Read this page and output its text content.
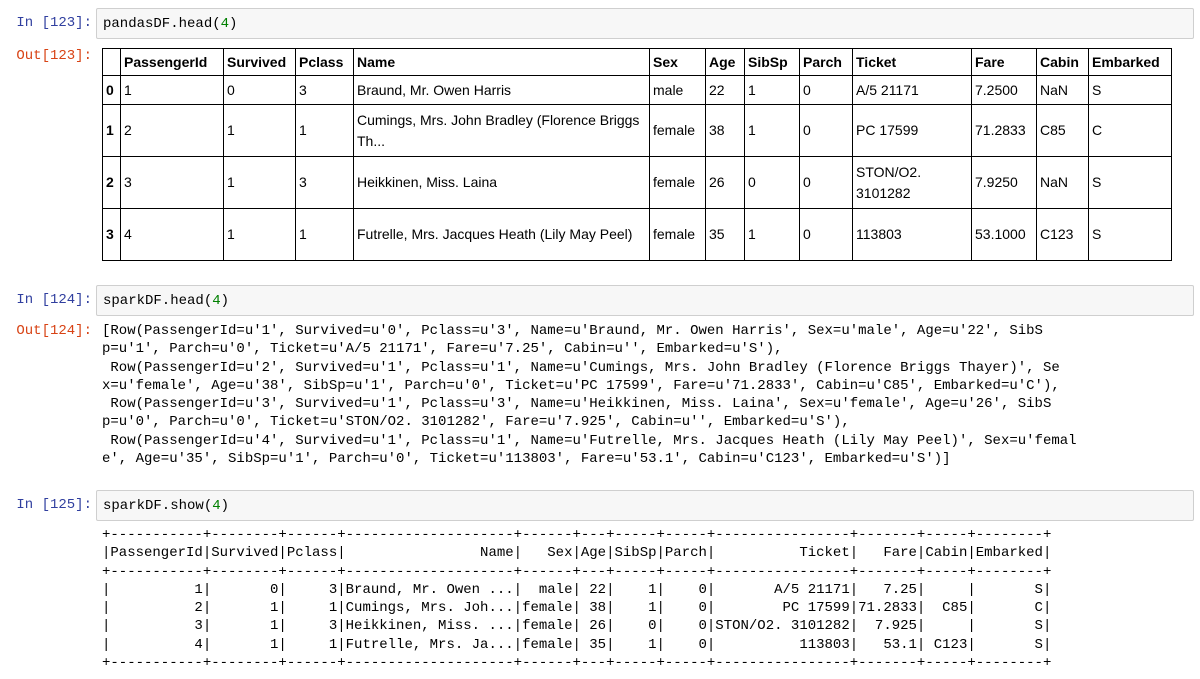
In [123]: pandasDF.head( 4 )
Out[123]:
	PassengerId	Survived	Pclass	Name	Sex	Age	SibSp	Parch	Ticket	Fare	Cabin	Embarked
0	1	0	3	Braund, Mr. Owen Harris	male	22	1	0	A/5 21171	7.2500	NaN	S
1	2	1	1	Cumings, Mrs. John Bradley (Florence Briggs Th...	female	38	1	0	PC 17599	71.2833	C85	C
2	3	1	3	Heikkinen, Miss. Laina	female	26	0	0	STON/O2. 3101282	7.9250	NaN	S
3	4	1	1	Futrelle, Mrs. Jacques Heath (Lily May Peel)	female	35	1	0	113803	53.1000	C123	S
In [124]: sparkDF.head( 4 )
Out[124]: [Row(PassengerId=u'1', Survived=u'0', Pclass=u'3', Name=u'Braund, Mr. Owen Harris', Sex=u'male', Age=u'22', SibS
p=u'1', Parch=u'0', Ticket=u'A/5 21171', Fare=u'7.25', Cabin=u'', Embarked=u'S'),
Row(PassengerId=u'2', Survived=u'1', Pclass=u'1', Name=u'Cumings, Mrs. John Bradley (Florence Briggs Thayer)', Se
x=u'female', Age=u'38', SibSp=u'1', Parch=u'0', Ticket=u'PC 17599', Fare=u'71.2833', Cabin=u'C85', Embarked=u'C'),
Row(PassengerId=u'3', Survived=u'1', Pclass=u'3', Name=u'Heikkinen, Miss. Laina', Sex=u'female', Age=u'26', SibS
p=u'0', Parch=u'0', Ticket=u'STON/O2. 3101282', Fare=u'7.925', Cabin=u'', Embarked=u'S'),
Row(PassengerId=u'4', Survived=u'1', Pclass=u'1', Name=u'Futrelle, Mrs. Jacques Heath (Lily May Peel)', Sex=u'femal
e', Age=u'35', SibSp=u'1', Parch=u'0', Ticket=u'113803', Fare=u'53.1', Cabin=u'C123', Embarked=u'S')]
In [125]: sparkDF.show( 4 )
+-----------+--------+------+--------------------+------+---+-----+-----+----------------+-------+-----+--------+
|PassengerId|Survived|Pclass|                Name|   Sex|Age|SibSp|Parch|          Ticket|   Fare|Cabin|Embarked|
+-----------+--------+------+--------------------+------+---+-----+-----+----------------+-------+-----+--------+
|          1|       0|     3|Braund, Mr. Owen ...|  male| 22|    1|    0|       A/5 21171|   7.25|     |       S|
|          2|       1|     1|Cumings, Mrs. Joh...|female| 38|    1|    0|        PC 17599|71.2833|  C85|       C|
|          3|       1|     3|Heikkinen, Miss. ...|female| 26|    0|    0|STON/O2. 3101282|  7.925|     |       S|
|          4|       1|     1|Futrelle, Mrs. Ja...|female| 35|    1|    0|          113803|   53.1| C123|       S|
+-----------+--------+------+--------------------+------+---+-----+-----+----------------+-------+-----+--------+
